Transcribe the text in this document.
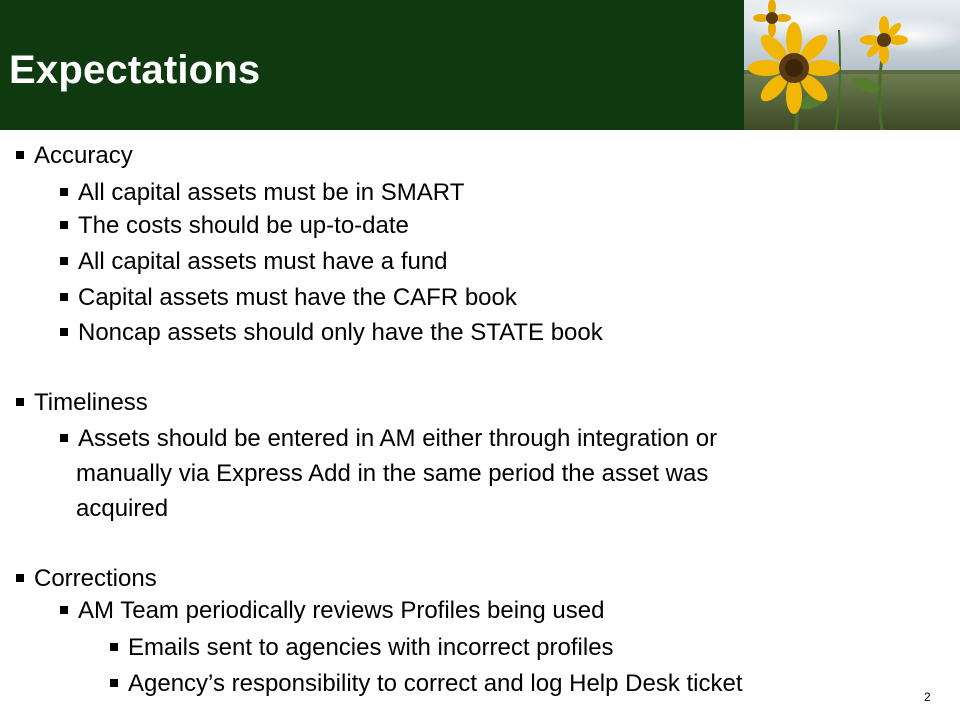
Expectations
Accuracy
All capital assets must be in SMART
The costs should be up-to-date
All capital assets must have a fund
Capital assets must have the CAFR book
Noncap assets should only have the STATE book
Timeliness
Assets should be entered in AM either through integration or
manually via Express Add in the same period the asset was
acquired
Corrections
AM Team periodically reviews Profiles being used
Emails sent to agencies with incorrect profiles
Agency’s responsibility to correct and log Help Desk ticket	2
